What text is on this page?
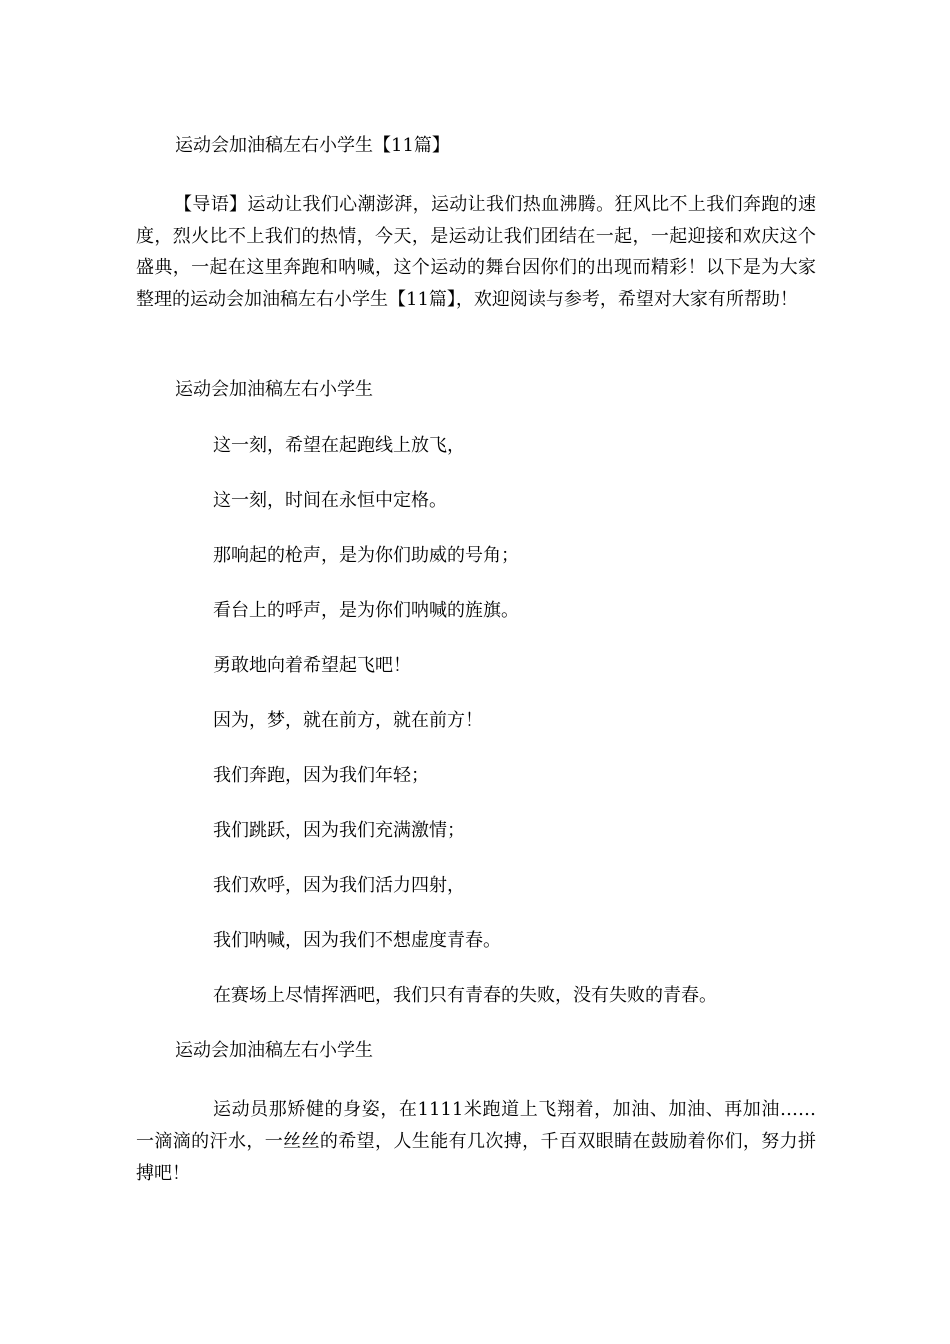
运动会加油稿左右小学生【11篇】

【导语】运动让我们心潮澎湃，运动让我们热血沸腾。狂风比不上我们奔跑的速度，烈火比不上我们的热情，今天，是运动让我们团结在一起，一起迎接和欢庆这个盛典，一起在这里奔跑和呐喊，这个运动的舞台因你们的出现而精彩！以下是为大家整理的运动会加油稿左右小学生【11篇】，欢迎阅读与参考，希望对大家有所帮助！

运动会加油稿左右小学生
这一刻，希望在起跑线上放飞，
这一刻，时间在永恒中定格。
那响起的枪声，是为你们助威的号角；
看台上的呼声，是为你们呐喊的旌旗。
勇敢地向着希望起飞吧！
因为，梦，就在前方，就在前方！
我们奔跑，因为我们年轻；
我们跳跃，因为我们充满激情；
我们欢呼，因为我们活力四射，
我们呐喊，因为我们不想虚度青春。
在赛场上尽情挥洒吧，我们只有青春的失败，没有失败的青春。
运动会加油稿左右小学生

运动员那矫健的身姿，在1111米跑道上飞翔着，加油、加油、再加油……一滴滴的汗水，一丝丝的希望，人生能有几次搏，千百双眼睛在鼓励着你们，努力拼搏吧！
